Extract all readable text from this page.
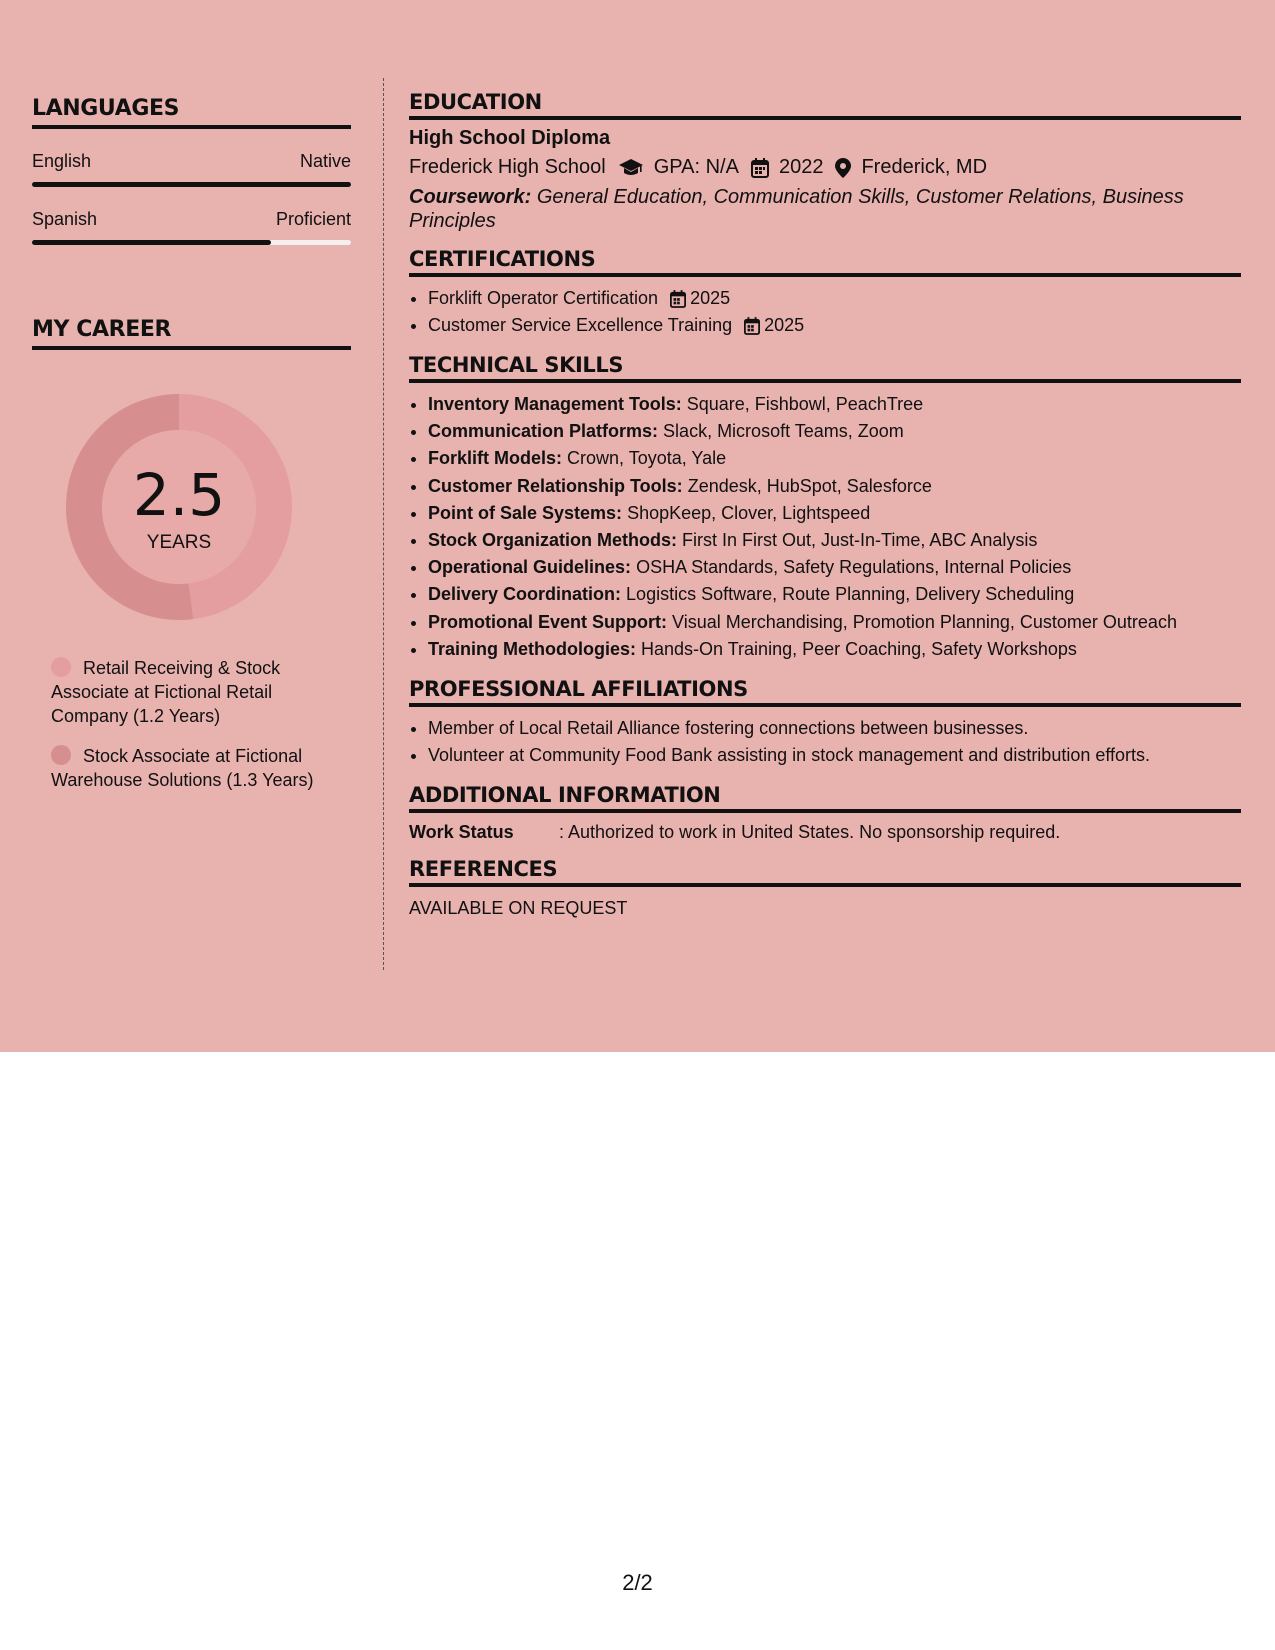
LANGUAGES
English	Native
Spanish	Proficient
MY CAREER
2.5
YEARS
Retail Receiving & Stock Associate at Fictional Retail Company (1.2 Years)
Stock Associate at Fictional Warehouse Solutions (1.3 Years)
EDUCATION
High School Diploma
Frederick High School GPA: N/A 2022 Frederick, MD
Coursework: General Education, Communication Skills, Customer Relations, Business Principles
CERTIFICATIONS
• Forklift Operator Certification 2025
• Customer Service Excellence Training 2025
TECHNICAL SKILLS
• Inventory Management Tools: Square, Fishbowl, PeachTree
• Communication Platforms: Slack, Microsoft Teams, Zoom
• Forklift Models: Crown, Toyota, Yale
• Customer Relationship Tools: Zendesk, HubSpot, Salesforce
• Point of Sale Systems: ShopKeep, Clover, Lightspeed
• Stock Organization Methods: First In First Out, Just-In-Time, ABC Analysis
• Operational Guidelines: OSHA Standards, Safety Regulations, Internal Policies
• Delivery Coordination: Logistics Software, Route Planning, Delivery Scheduling
• Promotional Event Support: Visual Merchandising, Promotion Planning, Customer Outreach
• Training Methodologies: Hands-On Training, Peer Coaching, Safety Workshops
PROFESSIONAL AFFILIATIONS
• Member of Local Retail Alliance fostering connections between businesses.
• Volunteer at Community Food Bank assisting in stock management and distribution efforts.
ADDITIONAL INFORMATION
Work Status	: Authorized to work in United States. No sponsorship required.
REFERENCES
AVAILABLE ON REQUEST
2/2
